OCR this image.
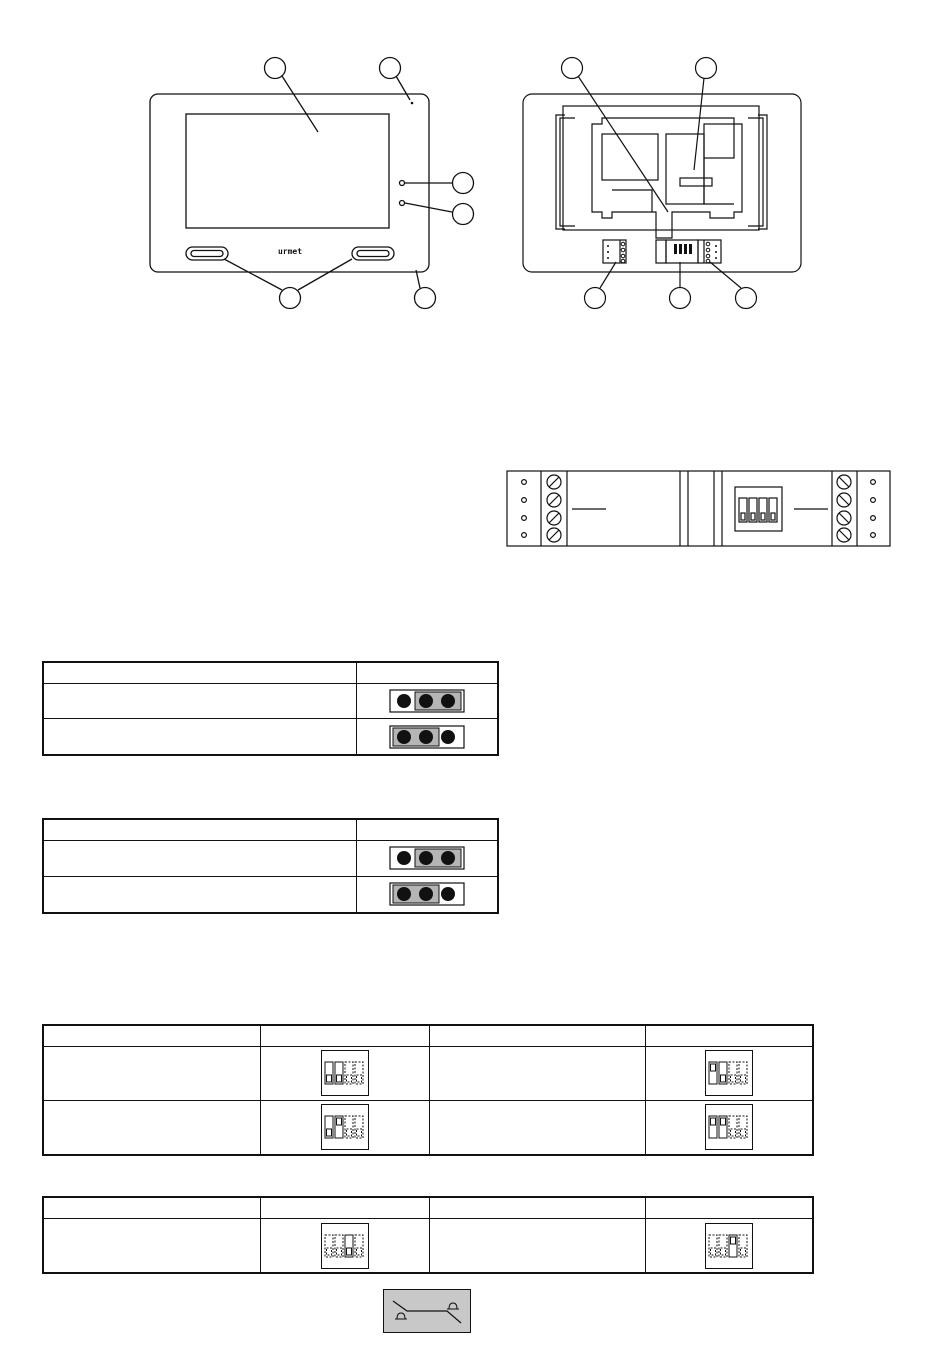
urmet
